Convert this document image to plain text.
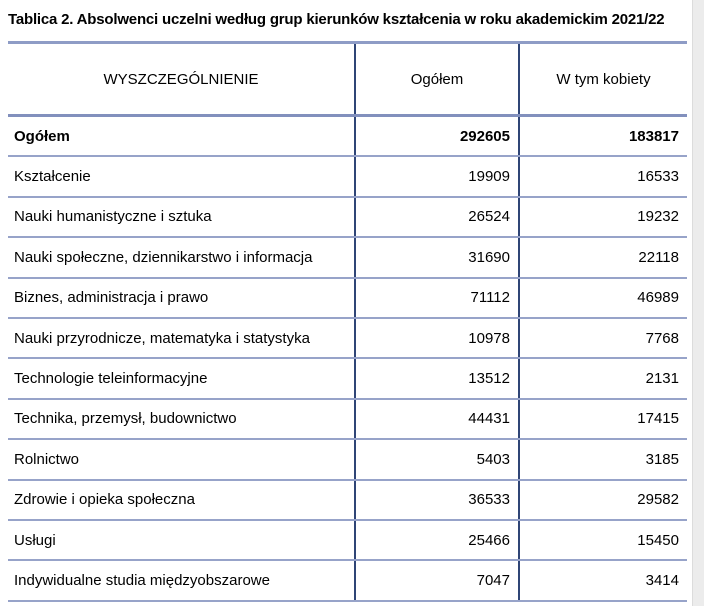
Tablica 2. Absolwenci uczelni według grup kierunków kształcenia w roku akademickim 2021/22
WYSZCZEGÓLNIENIE	Ogółem	W tym kobiety
Ogółem	292605	183817
Kształcenie	19909	16533
Nauki humanistyczne i sztuka	26524	19232
Nauki społeczne, dziennikarstwo i informacja	31690	22118
Biznes, administracja i prawo	71112	46989
Nauki przyrodnicze, matematyka i statystyka	10978	7768
Technologie teleinformacyjne	13512	2131
Technika, przemysł, budownictwo	44431	17415
Rolnictwo	5403	3185
Zdrowie i opieka społeczna	36533	29582
Usługi	25466	15450
Indywidualne studia międzyobszarowe	7047	3414
